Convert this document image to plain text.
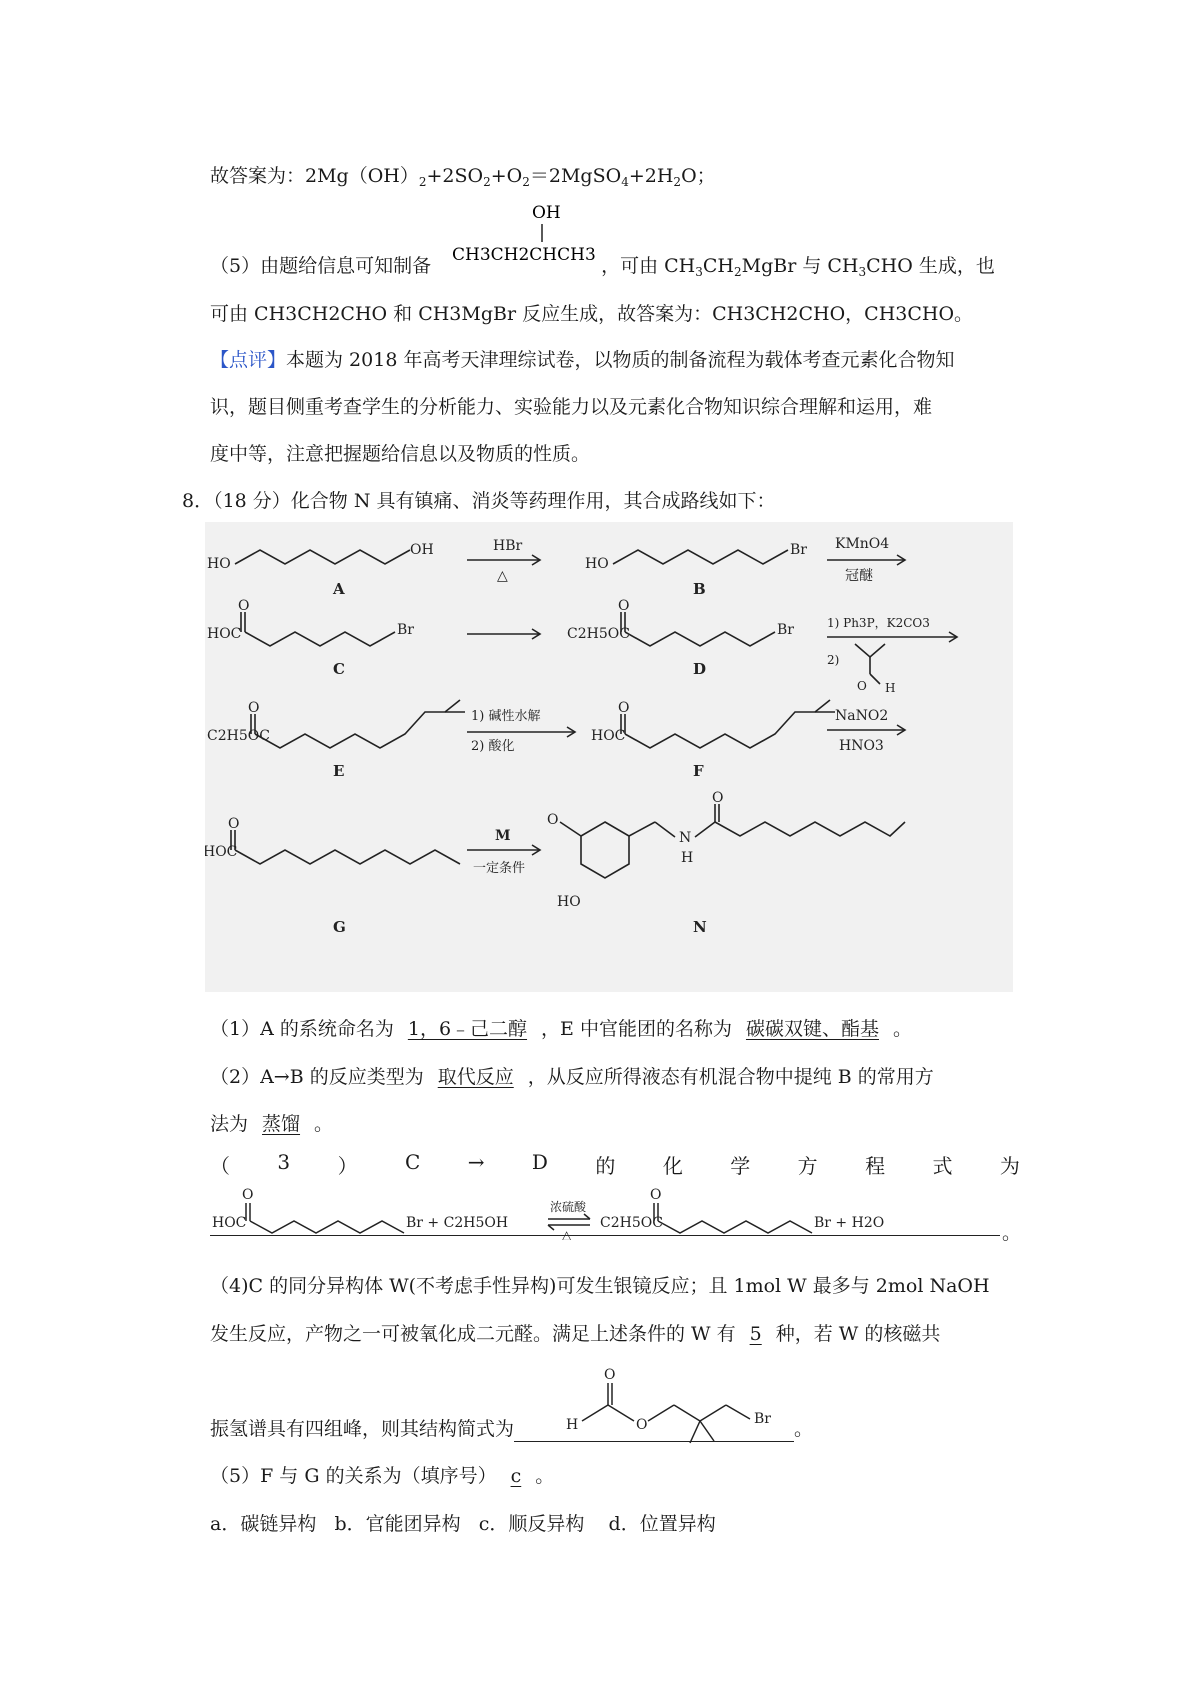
故答案为：$2Mg(OH)_2+2SO_2+O_2=2MgSO_4+2H_2O$；
OH
CH3CH2CHCH3
（5）由题给信息可知制备	，可由 $CH_3CH_2MgBr$ 与 $CH_3CHO$ 生成，也
可由 CH3CH2CHO 和 CH3MgBr 反应生成，故答案为：CH3CH2CHO，CH3CHO。
【点评】本题为 2018 年高考天津理综试卷，以物质的制备流程为载体考查元素化合物知
识，题目侧重考查学生的分析能力、实验能力以及元素化合物知识综合理解和运用，难
度中等，注意把握题给信息以及物质的性质。
8．（18 分）化合物 N 具有镇痛、消炎等药理作用，其合成路线如下：
HO
OH	HBr
△
HO
Br KMnO4
冠醚
HOC
O
Br	C2H5OC
O
Br	1) Ph3P，K2CO3
2)
O H
C2H5OC
O
1) 碱性水解
2) 酸化
HOC
O	NaNO2
HNO3
HOC
O
M
一定条件
O
HO
N
H
O
A	B
C	D
E	F
G	N
（1）A 的系统命名为 1，6﹣己二醇 ，E 中官能团的名称为 碳碳双键、酯基 。
（2）A→B 的反应类型为 取代反应 ，从反应所得液态有机混合物中提纯 B 的常用方
法为 蒸馏 。
（ 3 ） C → D 的 化 学 方 程 式 为
HOC
O
Br + C2H5OH
浓硫酸
△
C2H5OC
O
Br + H2O	。
（4)C 的同分异构体 W(不考虑手性异构)可发生银镜反应；且 1mol W 最多与 2mol NaOH
发生反应，产物之一可被氧化成二元醛。满足上述条件的 W 有 5 种，若 W 的核磁共
H
O
O	Br
振氢谱具有四组峰，则其结构简式为	。
（5）F 与 G 的关系为（填序号） c 。
a．碳链异构   b．官能团异构   c．顺反异构    d．位置异构
